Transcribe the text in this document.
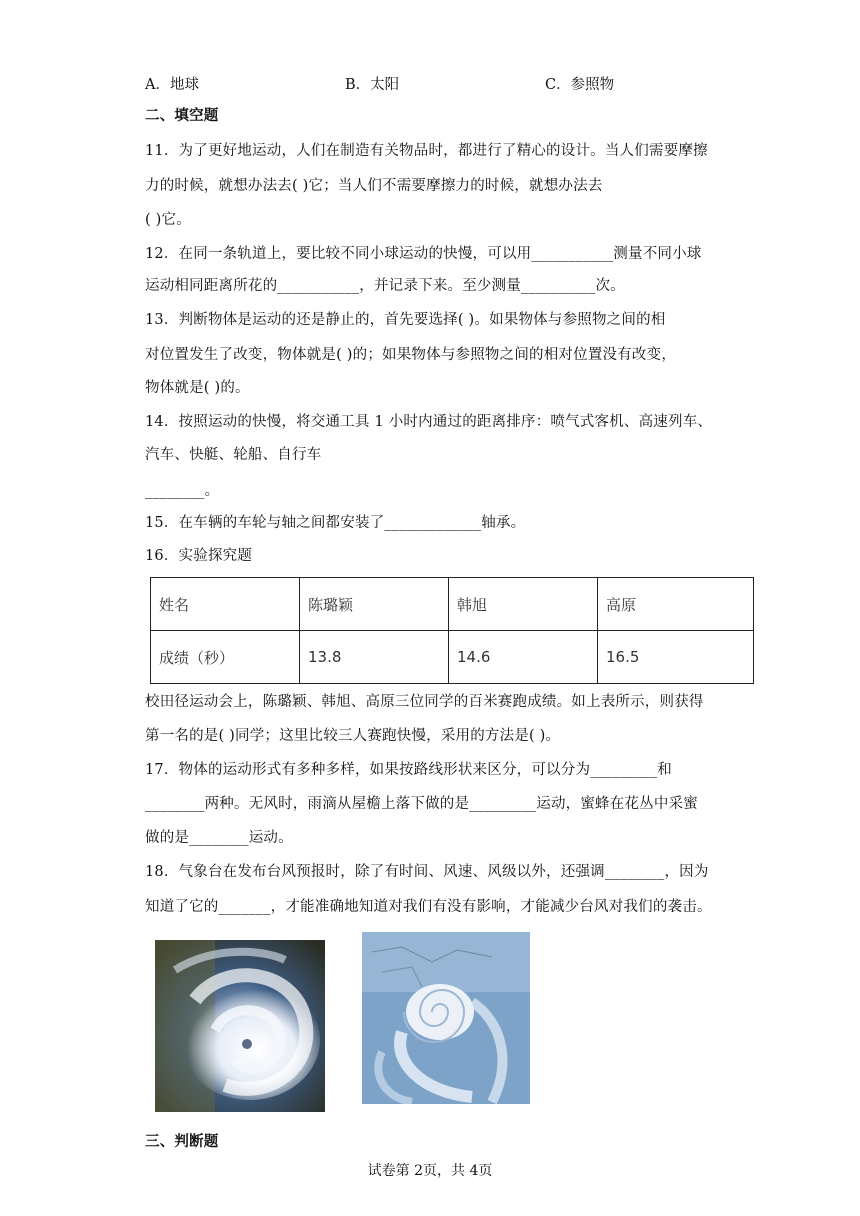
A．地球	B．太阳	C．参照物
二、填空题
11．为了更好地运动，人们在制造有关物品时，都进行了精心的设计。当人们需要摩擦
力的时候，就想办法去( )它；当人们不需要摩擦力的时候，就想办法去
( )它。
12．在同一条轨道上，要比较不同小球运动的快慢，可以用___________测量不同小球
运动相同距离所花的___________，并记录下来。至少测量__________次。
13．判断物体是运动的还是静止的，首先要选择( )。如果物体与参照物之间的相
对位置发生了改变，物体就是( )的；如果物体与参照物之间的相对位置没有改变，
物体就是( )的。
14．按照运动的快慢，将交通工具 1 小时内通过的距离排序：喷气式客机、高速列车、
汽车、快艇、轮船、自行车
________。
15．在车辆的车轮与轴之间都安装了_____________轴承。
16．实验探究题
姓名	陈璐颖	韩旭	高原
成绩（秒）	13.8	14.6	16.5
校田径运动会上，陈璐颖、韩旭、高原三位同学的百米赛跑成绩。如上表所示，则获得
第一名的是( )同学；这里比较三人赛跑快慢，采用的方法是( )。
17．物体的运动形式有多种多样，如果按路线形状来区分，可以分为_________和
________两种。无风时，雨滴从屋檐上落下做的是_________运动，蜜蜂在花丛中采蜜
做的是________运动。
18．气象台在发布台风预报时，除了有时间、风速、风级以外，还强调________，因为
知道了它的_______，才能准确地知道对我们有没有影响，才能减少台风对我们的袭击。
三、判断题
试卷第 2页，共 4页
